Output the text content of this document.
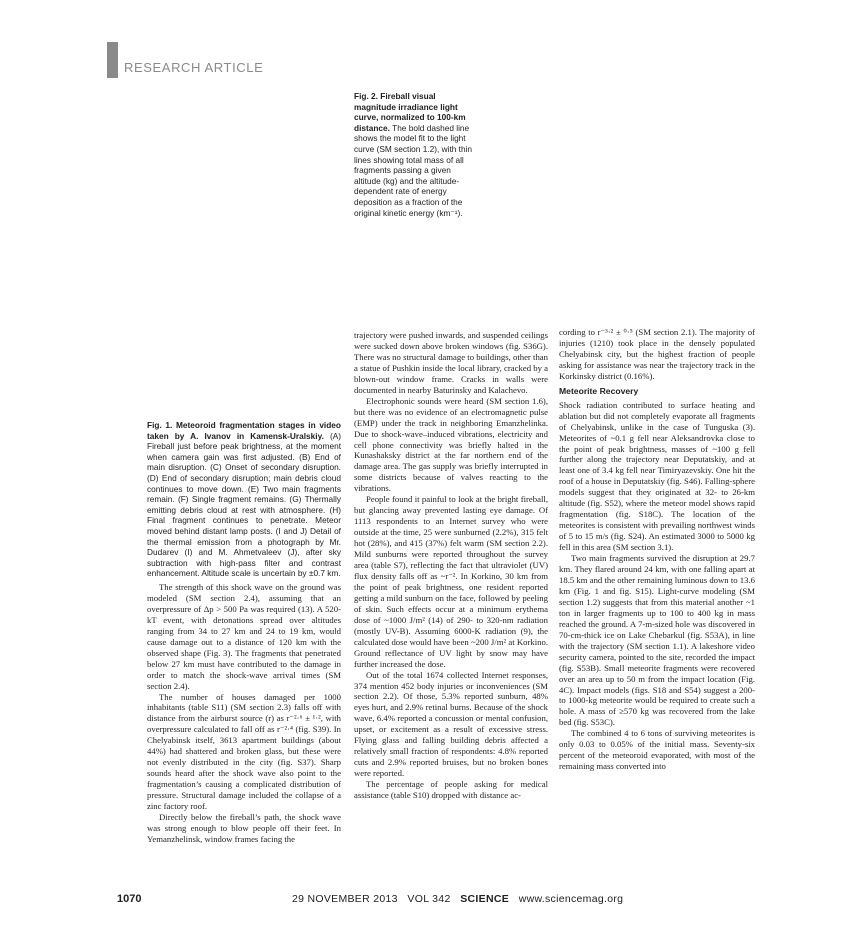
RESEARCH ARTICLE
Fig. 2. Fireball visual magnitude irradiance light curve, normalized to 100-km distance. The bold dashed line shows the model fit to the light curve (SM section 1.2), with thin lines showing total mass of all fragments passing a given altitude (kg) and the altitude-dependent rate of energy deposition as a fraction of the original kinetic energy (km⁻¹).
Fig. 1. Meteoroid fragmentation stages in video taken by A. Ivanov in Kamensk-Uralskiy. (A) Fireball just before peak brightness, at the moment when camera gain was first adjusted. (B) End of main disruption. (C) Onset of secondary disruption. (D) End of secondary disruption; main debris cloud continues to move down. (E) Two main fragments remain. (F) Single fragment remains. (G) Thermally emitting debris cloud at rest with atmosphere. (H) Final fragment continues to penetrate. Meteor moved behind distant lamp posts. (I and J) Detail of the thermal emission from a photograph by Mr. Dudarev (I) and M. Ahmetvaleev (J), after sky subtraction with high-pass filter and contrast enhancement. Altitude scale is uncertain by ±0.7 km.

The strength of this shock wave on the ground was modeled (SM section 2.4), assuming that an overpressure of Δp > 500 Pa was required (13). A 520-kT event, with detonations spread over altitudes ranging from 34 to 27 km and 24 to 19 km, would cause damage out to a distance of 120 km with the observed shape (Fig. 3). The fragments that penetrated below 27 km must have contributed to the damage in order to match the shock-wave arrival times (SM section 2.4).

The number of houses damaged per 1000 inhabitants (table S11) (SM section 2.3) falls off with distance from the airburst source (r) as r⁻²·⁶ ± ¹·², with overpressure calculated to fall off as r⁻²·⁴ (fig. S39). In Chelyabinsk itself, 3613 apartment buildings (about 44%) had shattered and broken glass, but these were not evenly distributed in the city (fig. S37). Sharp sounds heard after the shock wave also point to the fragmentation’s causing a complicated distribution of pressure. Structural damage included the collapse of a zinc factory roof.

Directly below the fireball’s path, the shock wave was strong enough to blow people off their feet. In Yemanzhelinsk, window frames facing the

trajectory were pushed inwards, and suspended ceilings were sucked down above broken windows (fig. S36G). There was no structural damage to buildings, other than a statue of Pushkin inside the local library, cracked by a blown-out window frame. Cracks in walls were documented in nearby Baturinsky and Kalachevo.

Electrophonic sounds were heard (SM section 1.6), but there was no evidence of an electromagnetic pulse (EMP) under the track in neighboring Emanzhelinka. Due to shock-wave–induced vibrations, electricity and cell phone connectivity was briefly halted in the Kunashaksky district at the far northern end of the damage area. The gas supply was briefly interrupted in some districts because of valves reacting to the vibrations.

People found it painful to look at the bright fireball, but glancing away prevented lasting eye damage. Of 1113 respondents to an Internet survey who were outside at the time, 25 were sunburned (2.2%), 315 felt hot (28%), and 415 (37%) felt warm (SM section 2.2). Mild sunburns were reported throughout the survey area (table S7), reflecting the fact that ultraviolet (UV) flux density falls off as ~r⁻². In Korkino, 30 km from the point of peak brightness, one resident reported getting a mild sunburn on the face, followed by peeling of skin. Such effects occur at a minimum erythema dose of ~1000 J/m² (14) of 290- to 320-nm radiation (mostly UV-B). Assuming 6000-K radiation (9), the calculated dose would have been ~200 J/m² at Korkino. Ground reflectance of UV light by snow may have further increased the dose.

Out of the total 1674 collected Internet responses, 374 mention 452 body injuries or inconveniences (SM section 2.2). Of those, 5.3% reported sunburn, 48% eyes hurt, and 2.9% retinal burns. Because of the shock wave, 6.4% reported a concussion or mental confusion, upset, or excitement as a result of excessive stress. Flying glass and falling building debris affected a relatively small fraction of respondents: 4.8% reported cuts and 2.9% reported bruises, but no broken bones were reported.

The percentage of people asking for medical assistance (table S10) dropped with distance ac-

cording to r⁻³·² ± ⁰·⁵ (SM section 2.1). The majority of injuries (1210) took place in the densely populated Chelyabinsk city, but the highest fraction of people asking for assistance was near the trajectory track in the Korkinsky district (0.16%).

Meteorite Recovery

Shock radiation contributed to surface heating and ablation but did not completely evaporate all fragments of Chelyabinsk, unlike in the case of Tunguska (3). Meteorites of ~0.1 g fell near Aleksandrovka close to the point of peak brightness, masses of ~100 g fell further along the trajectory near Deputatskiy, and at least one of 3.4 kg fell near Timiryazevskiy. One hit the roof of a house in Deputatskiy (fig. S46). Falling-sphere models suggest that they originated at 32- to 26-km altitude (fig. S52), where the meteor model shows rapid fragmentation (fig. S18C). The location of the meteorites is consistent with prevailing northwest winds of 5 to 15 m/s (fig. S24). An estimated 3000 to 5000 kg fell in this area (SM section 3.1).

Two main fragments survived the disruption at 29.7 km. They flared around 24 km, with one falling apart at 18.5 km and the other remaining luminous down to 13.6 km (Fig. 1 and fig. S15). Light-curve modeling (SM section 1.2) suggests that from this material another ~1 ton in larger fragments up to 100 to 400 kg in mass reached the ground. A 7-m-sized hole was discovered in 70-cm-thick ice on Lake Chebarkul (fig. S53A), in line with the trajectory (SM section 1.1). A lakeshore video security camera, pointed to the site, recorded the impact (fig. S53B). Small meteorite fragments were recovered over an area up to 50 m from the impact location (Fig. 4C). Impact models (figs. S18 and S54) suggest a 200- to 1000-kg meteorite would be required to create such a hole. A mass of ≥570 kg was recovered from the lake bed (fig. S53C).

The combined 4 to 6 tons of surviving meteorites is only 0.03 to 0.05% of the initial mass. Seventy-six percent of the meteoroid evaporated, with most of the remaining mass converted into

1070	29 NOVEMBER 2013 VOL 342 SCIENCE www.sciencemag.org
